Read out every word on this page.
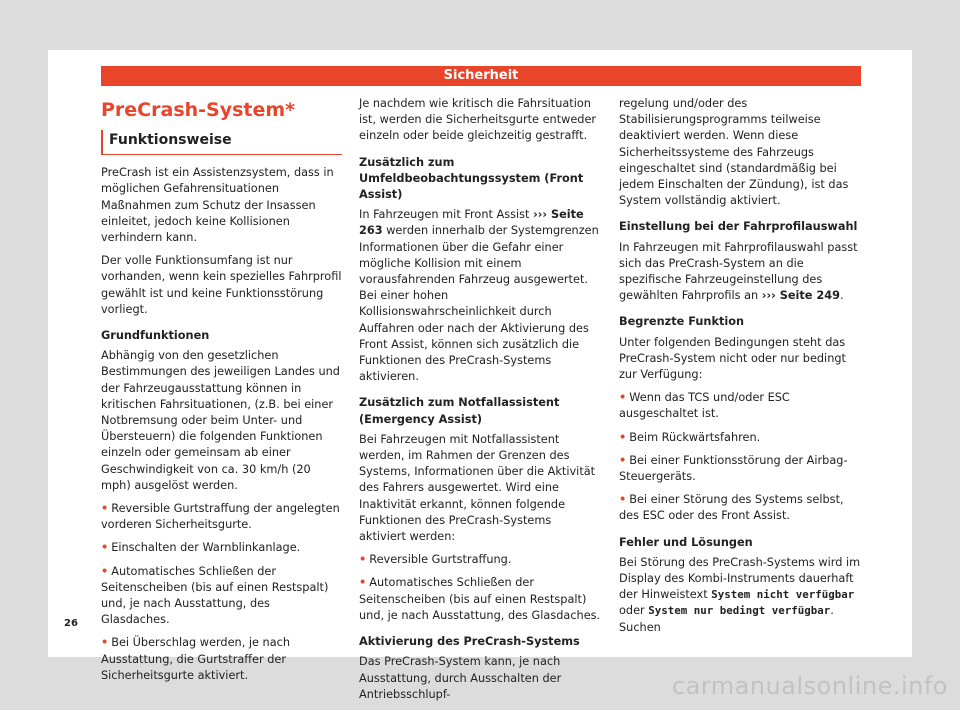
Sicherheit
PreCrash-System*
Funktionsweise

PreCrash ist ein Assistenzsystem, dass in möglichen Gefahrensituationen Maßnahmen zum Schutz der Insassen einleitet, jedoch keine Kollisionen verhindern kann.

Der volle Funktionsumfang ist nur vorhanden, wenn kein spezielles Fahrprofil gewählt ist und keine Funktionsstörung vorliegt.

Grundfunktionen

Abhängig von den gesetzlichen Bestimmungen des jeweiligen Landes und der Fahrzeugausstattung können in kritischen Fahrsituationen, (z.B. bei einer Notbremsung oder beim Unter- und Übersteuern) die folgenden Funktionen einzeln oder gemeinsam ab einer Geschwindigkeit von ca. 30 km/h (20 mph) ausgelöst werden.

• Reversible Gurtstraffung der angelegten vorderen Sicherheitsgurte.

• Einschalten der Warnblinkanlage.

• Automatisches Schließen der Seitenscheiben (bis auf einen Restspalt) und, je nach Ausstattung, des Glasdaches.

• Bei Überschlag werden, je nach Ausstattung, die Gurtstraffer der Sicherheitsgurte aktiviert.

Je nachdem wie kritisch die Fahrsituation ist, werden die Sicherheitsgurte entweder einzeln oder beide gleichzeitig gestrafft.

Zusätzlich zum Umfeldbeobachtungssystem (Front Assist)

In Fahrzeugen mit Front Assist ››› Seite 263 werden innerhalb der Systemgrenzen Informationen über die Gefahr einer mögliche Kollision mit einem vorausfahrenden Fahrzeug ausgewertet. Bei einer hohen Kollisionswahrscheinlichkeit durch Auffahren oder nach der Aktivierung des Front Assist, können sich zusätzlich die Funktionen des PreCrash-Systems aktivieren.

Zusätzlich zum Notfallassistent (Emergency Assist)

Bei Fahrzeugen mit Notfallassistent werden, im Rahmen der Grenzen des Systems, Informationen über die Aktivität des Fahrers ausgewertet. Wird eine Inaktivität erkannt, können folgende Funktionen des PreCrash-Systems aktiviert werden:

• Reversible Gurtstraffung.

• Automatisches Schließen der Seitenscheiben (bis auf einen Restspalt) und, je nach Ausstattung, des Glasdaches.

Aktivierung des PreCrash-Systems

Das PreCrash-System kann, je nach Ausstattung, durch Ausschalten der Antriebsschlupf-

regelung und/oder des Stabilisierungsprogramms teilweise deaktiviert werden. Wenn diese Sicherheitssysteme des Fahrzeugs eingeschaltet sind (standardmäßig bei jedem Einschalten der Zündung), ist das System vollständig aktiviert.

Einstellung bei der Fahrprofilauswahl

In Fahrzeugen mit Fahrprofilauswahl passt sich das PreCrash-System an die spezifische Fahrzeugeinstellung des gewählten Fahrprofils an ››› Seite 249.

Begrenzte Funktion

Unter folgenden Bedingungen steht das PreCrash-System nicht oder nur bedingt zur Verfügung:

• Wenn das TCS und/oder ESC ausgeschaltet ist.

• Beim Rückwärtsfahren.

• Bei einer Funktionsstörung der Airbag-Steuergeräts.

• Bei einer Störung des Systems selbst, des ESC oder des Front Assist.

Fehler und Lösungen

Bei Störung des PreCrash-Systems wird im Display des Kombi-Instruments dauerhaft der Hinweistext System nicht verfügbar oder System nur bedingt verfügbar. Suchen

26
carmanualsonline.info
